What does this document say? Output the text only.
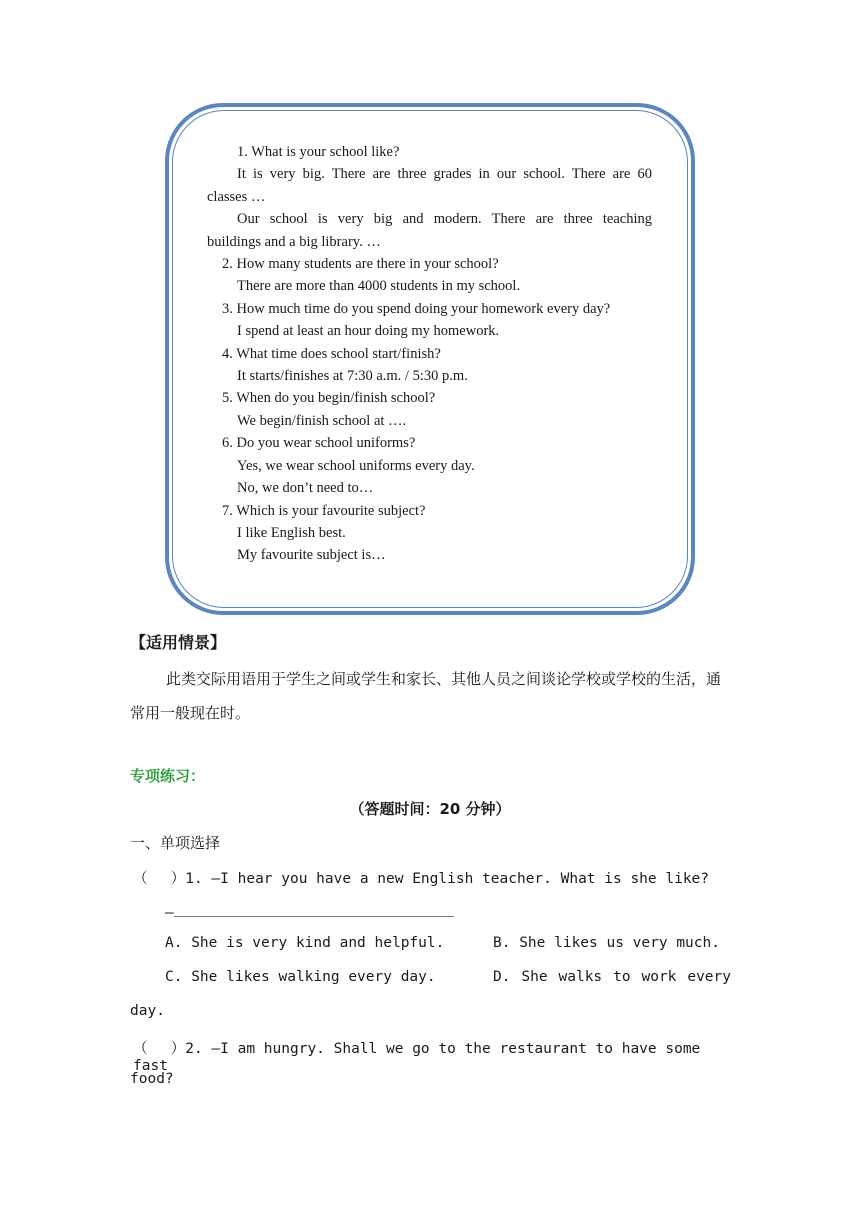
1. What is your school like?
It is very big. There are three grades in our school. There are 60
classes …
Our school is very big and modern. There are three teaching
buildings and a big library. …
2. How many students are there in your school?
There are more than 4000 students in my school.
3. How much time do you spend doing your homework every day?
I spend at least an hour doing my homework.
4. What time does school start/finish?
It starts/finishes at 7:30 a.m. / 5:30 p.m.
5. When do you begin/finish school?
We begin/finish school at ….
6. Do you wear school uniforms?
Yes, we wear school uniforms every day.
No, we don’t need to…
7. Which is your favourite subject?
I like English best.
My favourite subject is…
【适用情景】
此类交际用语用于学生之间或学生和家长、其他人员之间谈论学校或学校的生活，通常用一般现在时。
专项练习：
（答题时间：20 分钟）
一、单项选择
（　 ）1. —I hear you have a new English teacher. What is she like?
—
A. She is very kind and helpful.	B. She likes us very much.
C. She likes walking every day.	D. She walks to work every
day.
（　 ）2. —I am hungry. Shall we go to the restaurant to have some fast
food?
